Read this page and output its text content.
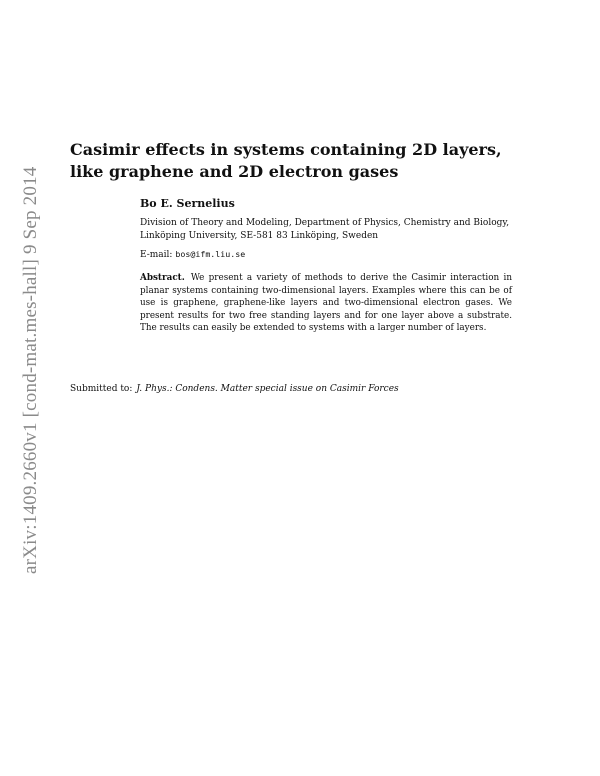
arXiv:1409.2660v1 [cond-mat.mes-hall] 9 Sep 2014
Casimir effects in systems containing 2D layers, like graphene and 2D electron gases
Bo E. Sernelius
Division of Theory and Modeling, Department of Physics, Chemistry and Biology,
Linköping University, SE-581 83 Linköping, Sweden
E-mail: bos@ifm.liu.se

Abstract. We present a variety of methods to derive the Casimir interaction in planar systems containing two-dimensional layers. Examples where this can be of use is graphene, graphene-like layers and two-dimensional electron gases. We present results for two free standing layers and for one layer above a substrate. The results can easily be extended to systems with a larger number of layers.

Submitted to: J. Phys.: Condens. Matter special issue on Casimir Forces
